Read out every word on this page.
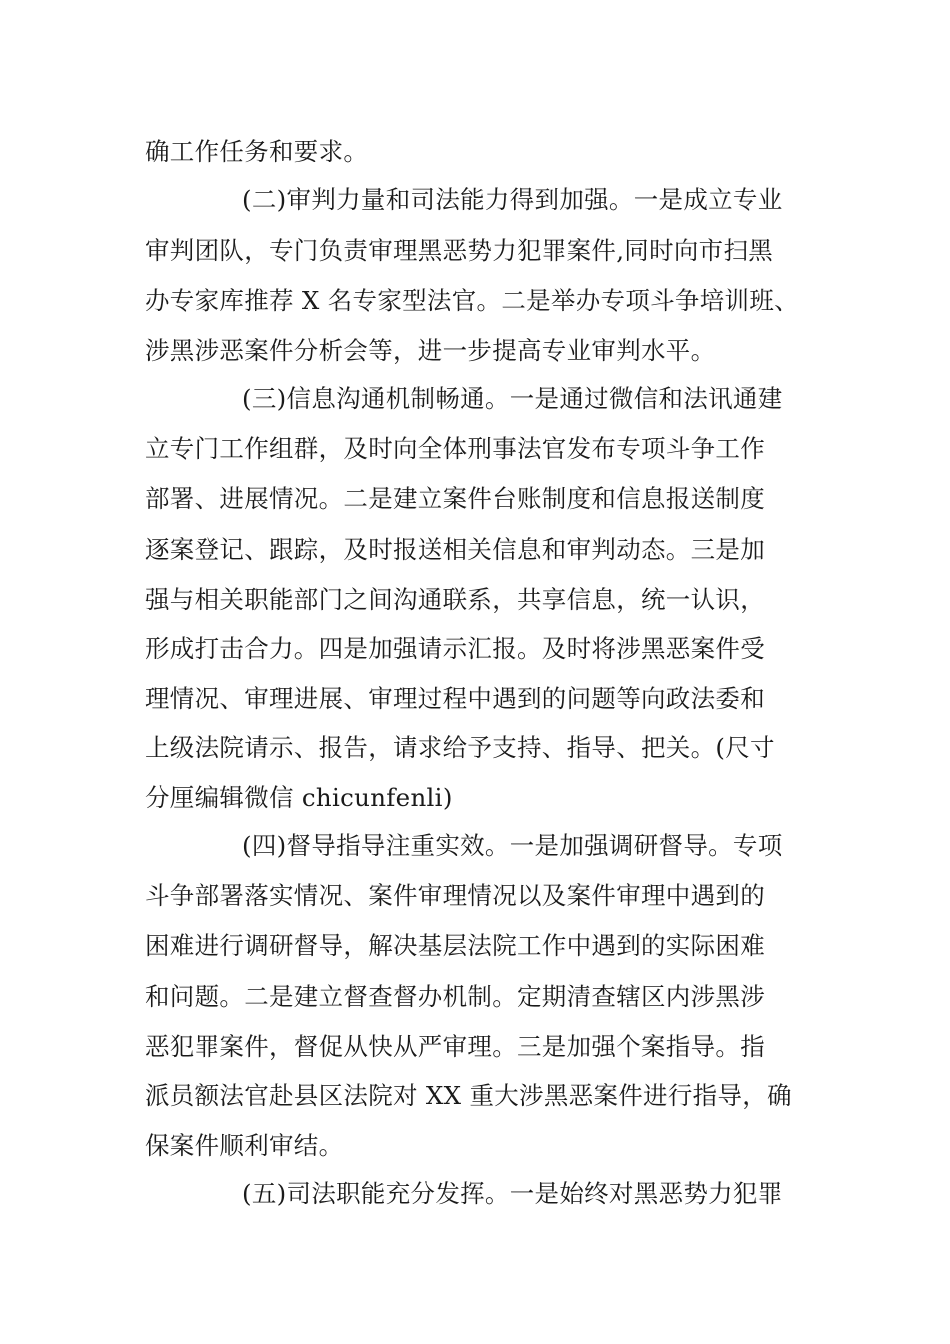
确工作任务和要求。
(二)审判力量和司法能力得到加强。一是成立专业
审判团队，专门负责审理黑恶势力犯罪案件,同时向市扫黑
办专家库推荐 X 名专家型法官。二是举办专项斗争培训班、
涉黑涉恶案件分析会等，进一步提高专业审判水平。
(三)信息沟通机制畅通。一是通过微信和法讯通建
立专门工作组群，及时向全体刑事法官发布专项斗争工作
部署、进展情况。二是建立案件台账制度和信息报送制度
逐案登记、跟踪，及时报送相关信息和审判动态。三是加
强与相关职能部门之间沟通联系，共享信息，统一认识，
形成打击合力。四是加强请示汇报。及时将涉黑恶案件受
理情况、审理进展、审理过程中遇到的问题等向政法委和
上级法院请示、报告，请求给予支持、指导、把关。(尺寸
分厘编辑微信 chicunfenli)
(四)督导指导注重实效。一是加强调研督导。专项
斗争部署落实情况、案件审理情况以及案件审理中遇到的
困难进行调研督导，解决基层法院工作中遇到的实际困难
和问题。二是建立督查督办机制。定期清查辖区内涉黑涉
恶犯罪案件，督促从快从严审理。三是加强个案指导。指
派员额法官赴县区法院对 XX 重大涉黑恶案件进行指导，确
保案件顺利审结。
(五)司法职能充分发挥。一是始终对黑恶势力犯罪
